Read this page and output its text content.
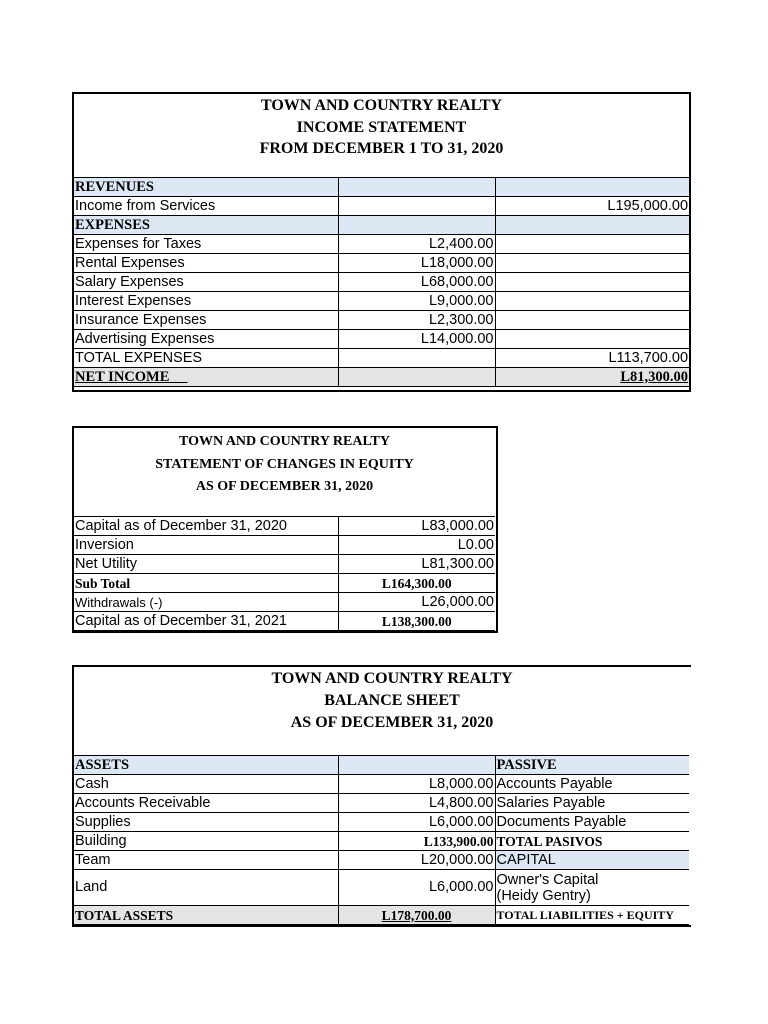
TOWN AND COUNTRY REALTY
INCOME STATEMENT
FROM DECEMBER 1 TO 31, 2020		

REVENUES		
Income from Services		L195,000.00
EXPENSES		
Expenses for Taxes	L2,400.00	
Rental Expenses	L18,000.00	
Salary Expenses	L68,000.00	
Interest Expenses	L9,000.00	
Insurance Expenses	L2,300.00	
Advertising Expenses	L14,000.00	
TOTAL EXPENSES		L113,700.00
NET INCOME		L81,300.00
TOWN AND COUNTRY REALTY
STATEMENT OF CHANGES IN EQUITY
AS OF DECEMBER 31, 2020	

Capital as of December 31, 2020	L83,000.00
Inversion	L0.00
Net Utility	L81,300.00
Sub Total	L164,300.00
Withdrawals (-)	L26,000.00
Capital as of December 31, 2021	L138,300.00
TOWN AND COUNTRY REALTY
BALANCE SHEET
AS OF DECEMBER 31, 2020		

ASSETS		PASSIVE
Cash	L8,000.00	Accounts Payable
Accounts Receivable	L4,800.00	Salaries Payable
Supplies	L6,000.00	Documents Payable
Building	L133,900.00	TOTAL PASIVOS
Team	L20,000.00	CAPITAL
Land	L6,000.00	Owner's Capital
(Heidy Gentry)

TOTAL ASSETS	L178,700.00	TOTAL LIABILITIES + EQUITY
